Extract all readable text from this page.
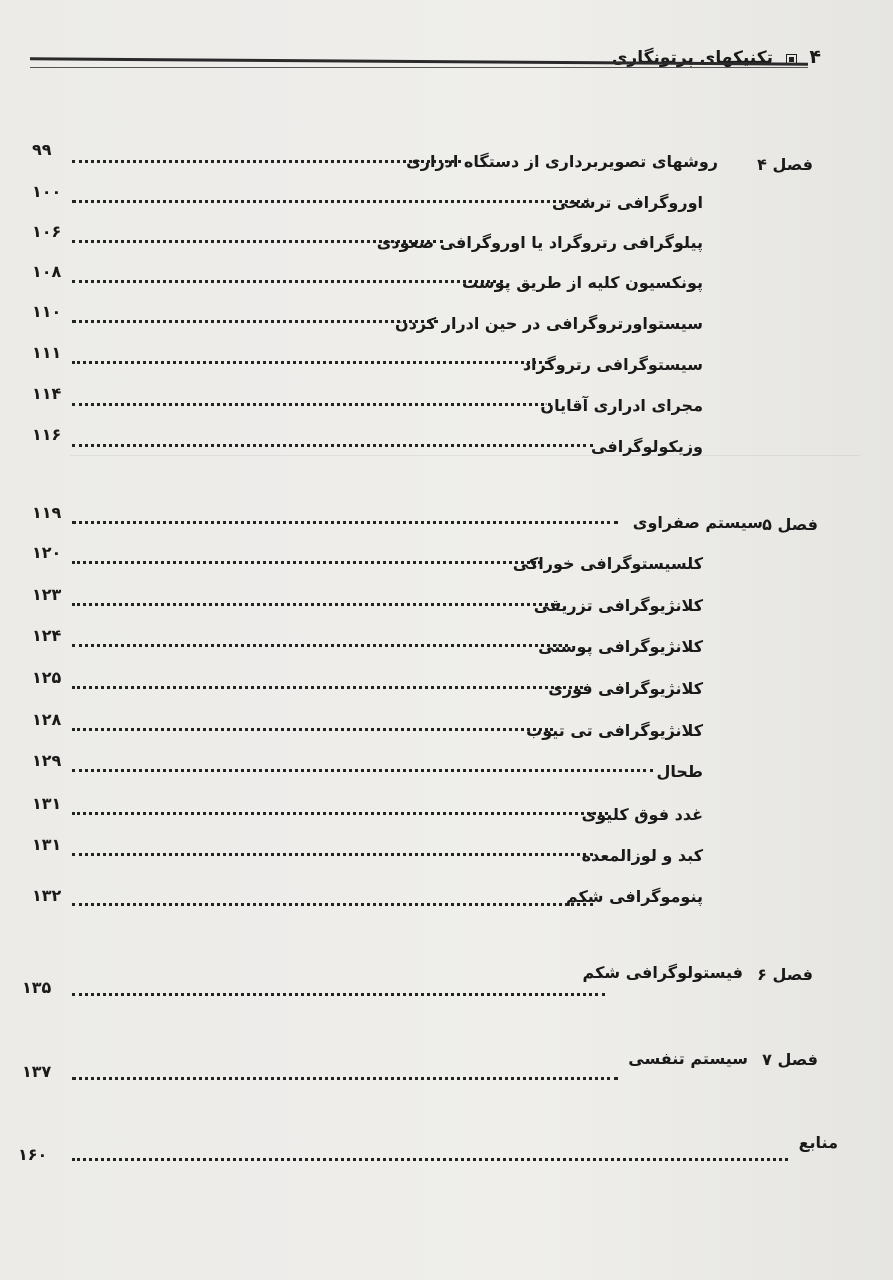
۴
تکنیکهای پرتونگاری
فصل ۴
روشهای تصویربرداری از دستگاه ادراری
۹۹
اوروگرافی ترشحی
۱۰۰
پیلوگرافی رتروگراد یا اوروگرافی صعودی
۱۰۶
پونکسیون کلیه از طریق پوست
۱۰۸
سیستواورتروگرافی در حین ادرار کردن
۱۱۰
سیستوگرافی رتروگراد
۱۱۱
مجرای ادراری آقایان
۱۱۴
وزیکولوگرافی
۱۱۶
فصل ۵
سیستم صفراوی
۱۱۹
کلسیستوگرافی خوراکی
۱۲۰
کلانژیوگرافی تزریقی
۱۲۳
کلانژیوگرافی پوستی
۱۲۴
کلانژیوگرافی فوری
۱۲۵
کلانژیوگرافی تی تیوب
۱۲۸
طحال
۱۲۹
غدد فوق کلیوی
۱۳۱
کبد و لوزالمعده
۱۳۱
پنوموگرافی شکم
۱۳۲
فصل ۶
فیستولوگرافی شکم
۱۳۵
فصل ۷
سیستم تنفسی
۱۳۷
منابع
۱۶۰
